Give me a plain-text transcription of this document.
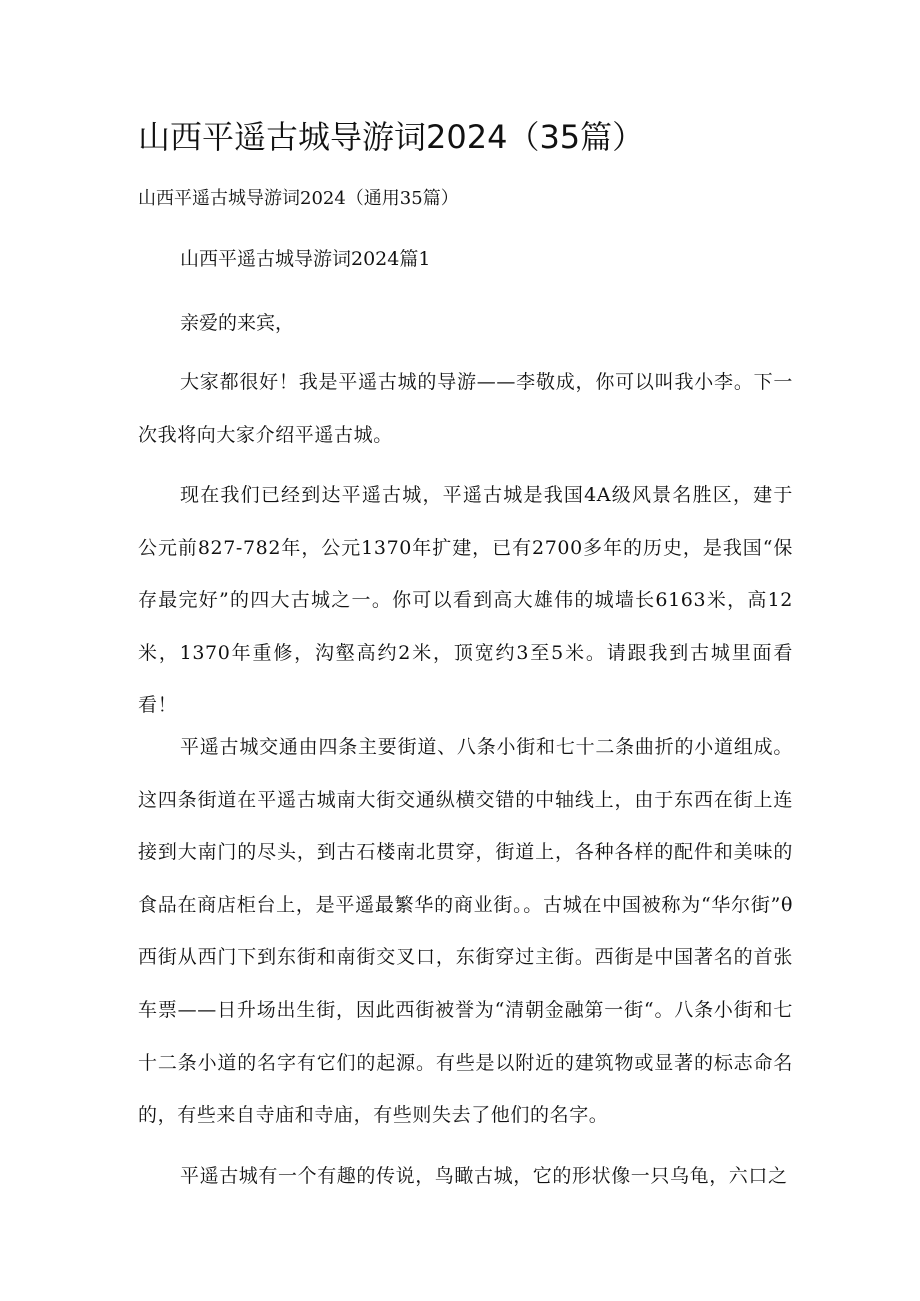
山西平遥古城导游词2024（35篇）

山西平遥古城导游词2024（通用35篇）

山西平遥古城导游词2024篇1

亲爱的来宾，

大家都很好！我是平遥古城的导游——李敬成，你可以叫我小李。下一次我将向大家介绍平遥古城。

现在我们已经到达平遥古城，平遥古城是我国4A级风景名胜区，建于公元前827-782年，公元1370年扩建，已有2700多年的历史，是我国“保存最完好”的四大古城之一。你可以看到高大雄伟的城墙长6163米，高12米，1370年重修，沟壑高约2米，顶宽约3至5米。请跟我到古城里面看看！

平遥古城交通由四条主要街道、八条小街和七十二条曲折的小道组成。这四条街道在平遥古城南大街交通纵横交错的中轴线上，由于东西在街上连接到大南门的尽头，到古石楼南北贯穿，街道上，各种各样的配件和美味的食品在商店柜台上，是平遥最繁华的商业街。。古城在中国被称为“华尔街”θ西街从西门下到东街和南街交叉口，东街穿过主街。西街是中国著名的首张车票——日升场出生街，因此西街被誉为“清朝金融第一街“。八条小街和七十二条小道的名字有它们的起源。有些是以附近的建筑物或显著的标志命名的，有些来自寺庙和寺庙，有些则失去了他们的名字。

平遥古城有一个有趣的传说，鸟瞰古城，它的形状像一只乌龟，六口之
